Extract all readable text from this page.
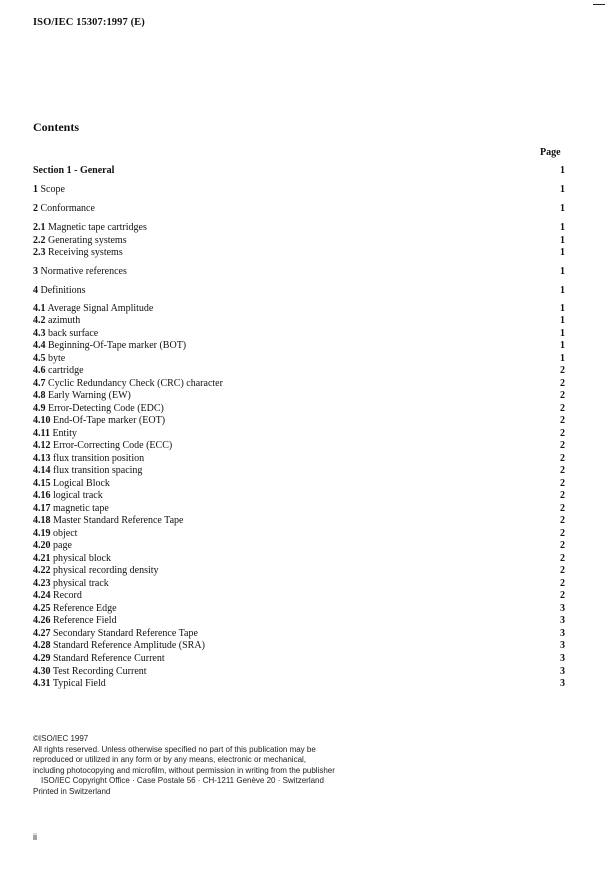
ISO/IEC 15307:1997 (E)
Contents
Page
Section 1 - General	1
1 Scope	1
2 Conformance	1
2.1 Magnetic tape cartridges	1
2.2 Generating systems	1
2.3 Receiving systems	1
3 Normative references	1
4 Definitions	1
4.1 Average Signal Amplitude	1
4.2 azimuth	1
4.3 back surface	1
4.4 Beginning-Of-Tape marker (BOT)	1
4.5 byte	1
4.6 cartridge	2
4.7 Cyclic Redundancy Check (CRC) character	2
4.8 Early Warning (EW)	2
4.9 Error-Detecting Code (EDC)	2
4.10 End-Of-Tape marker (EOT)	2
4.11 Entity	2
4.12 Error-Correcting Code (ECC)	2
4.13 flux transition position	2
4.14 flux transition spacing	2
4.15 Logical Block	2
4.16 logical track	2
4.17 magnetic tape	2
4.18 Master Standard Reference Tape	2
4.19 object	2
4.20 page	2
4.21 physical block	2
4.22 physical recording density	2
4.23 physical track	2
4.24 Record	2
4.25 Reference Edge	3
4.26 Reference Field	3
4.27 Secondary Standard Reference Tape	3
4.28 Standard Reference Amplitude (SRA)	3
4.29 Standard Reference Current	3
4.30 Test Recording Current	3
4.31 Typical Field	3
©ISO/IEC 1997
All rights reserved. Unless otherwise specified no part of this publication may be
reproduced or utilized in any form or by any means, electronic or mechanical,
including photocopying and microfilm, without permission in writing from the publisher
ISO/IEC Copyright Office · Case Postale 56 · CH-1211 Genève 20 · Switzerland
Printed in Switzerland
ii
